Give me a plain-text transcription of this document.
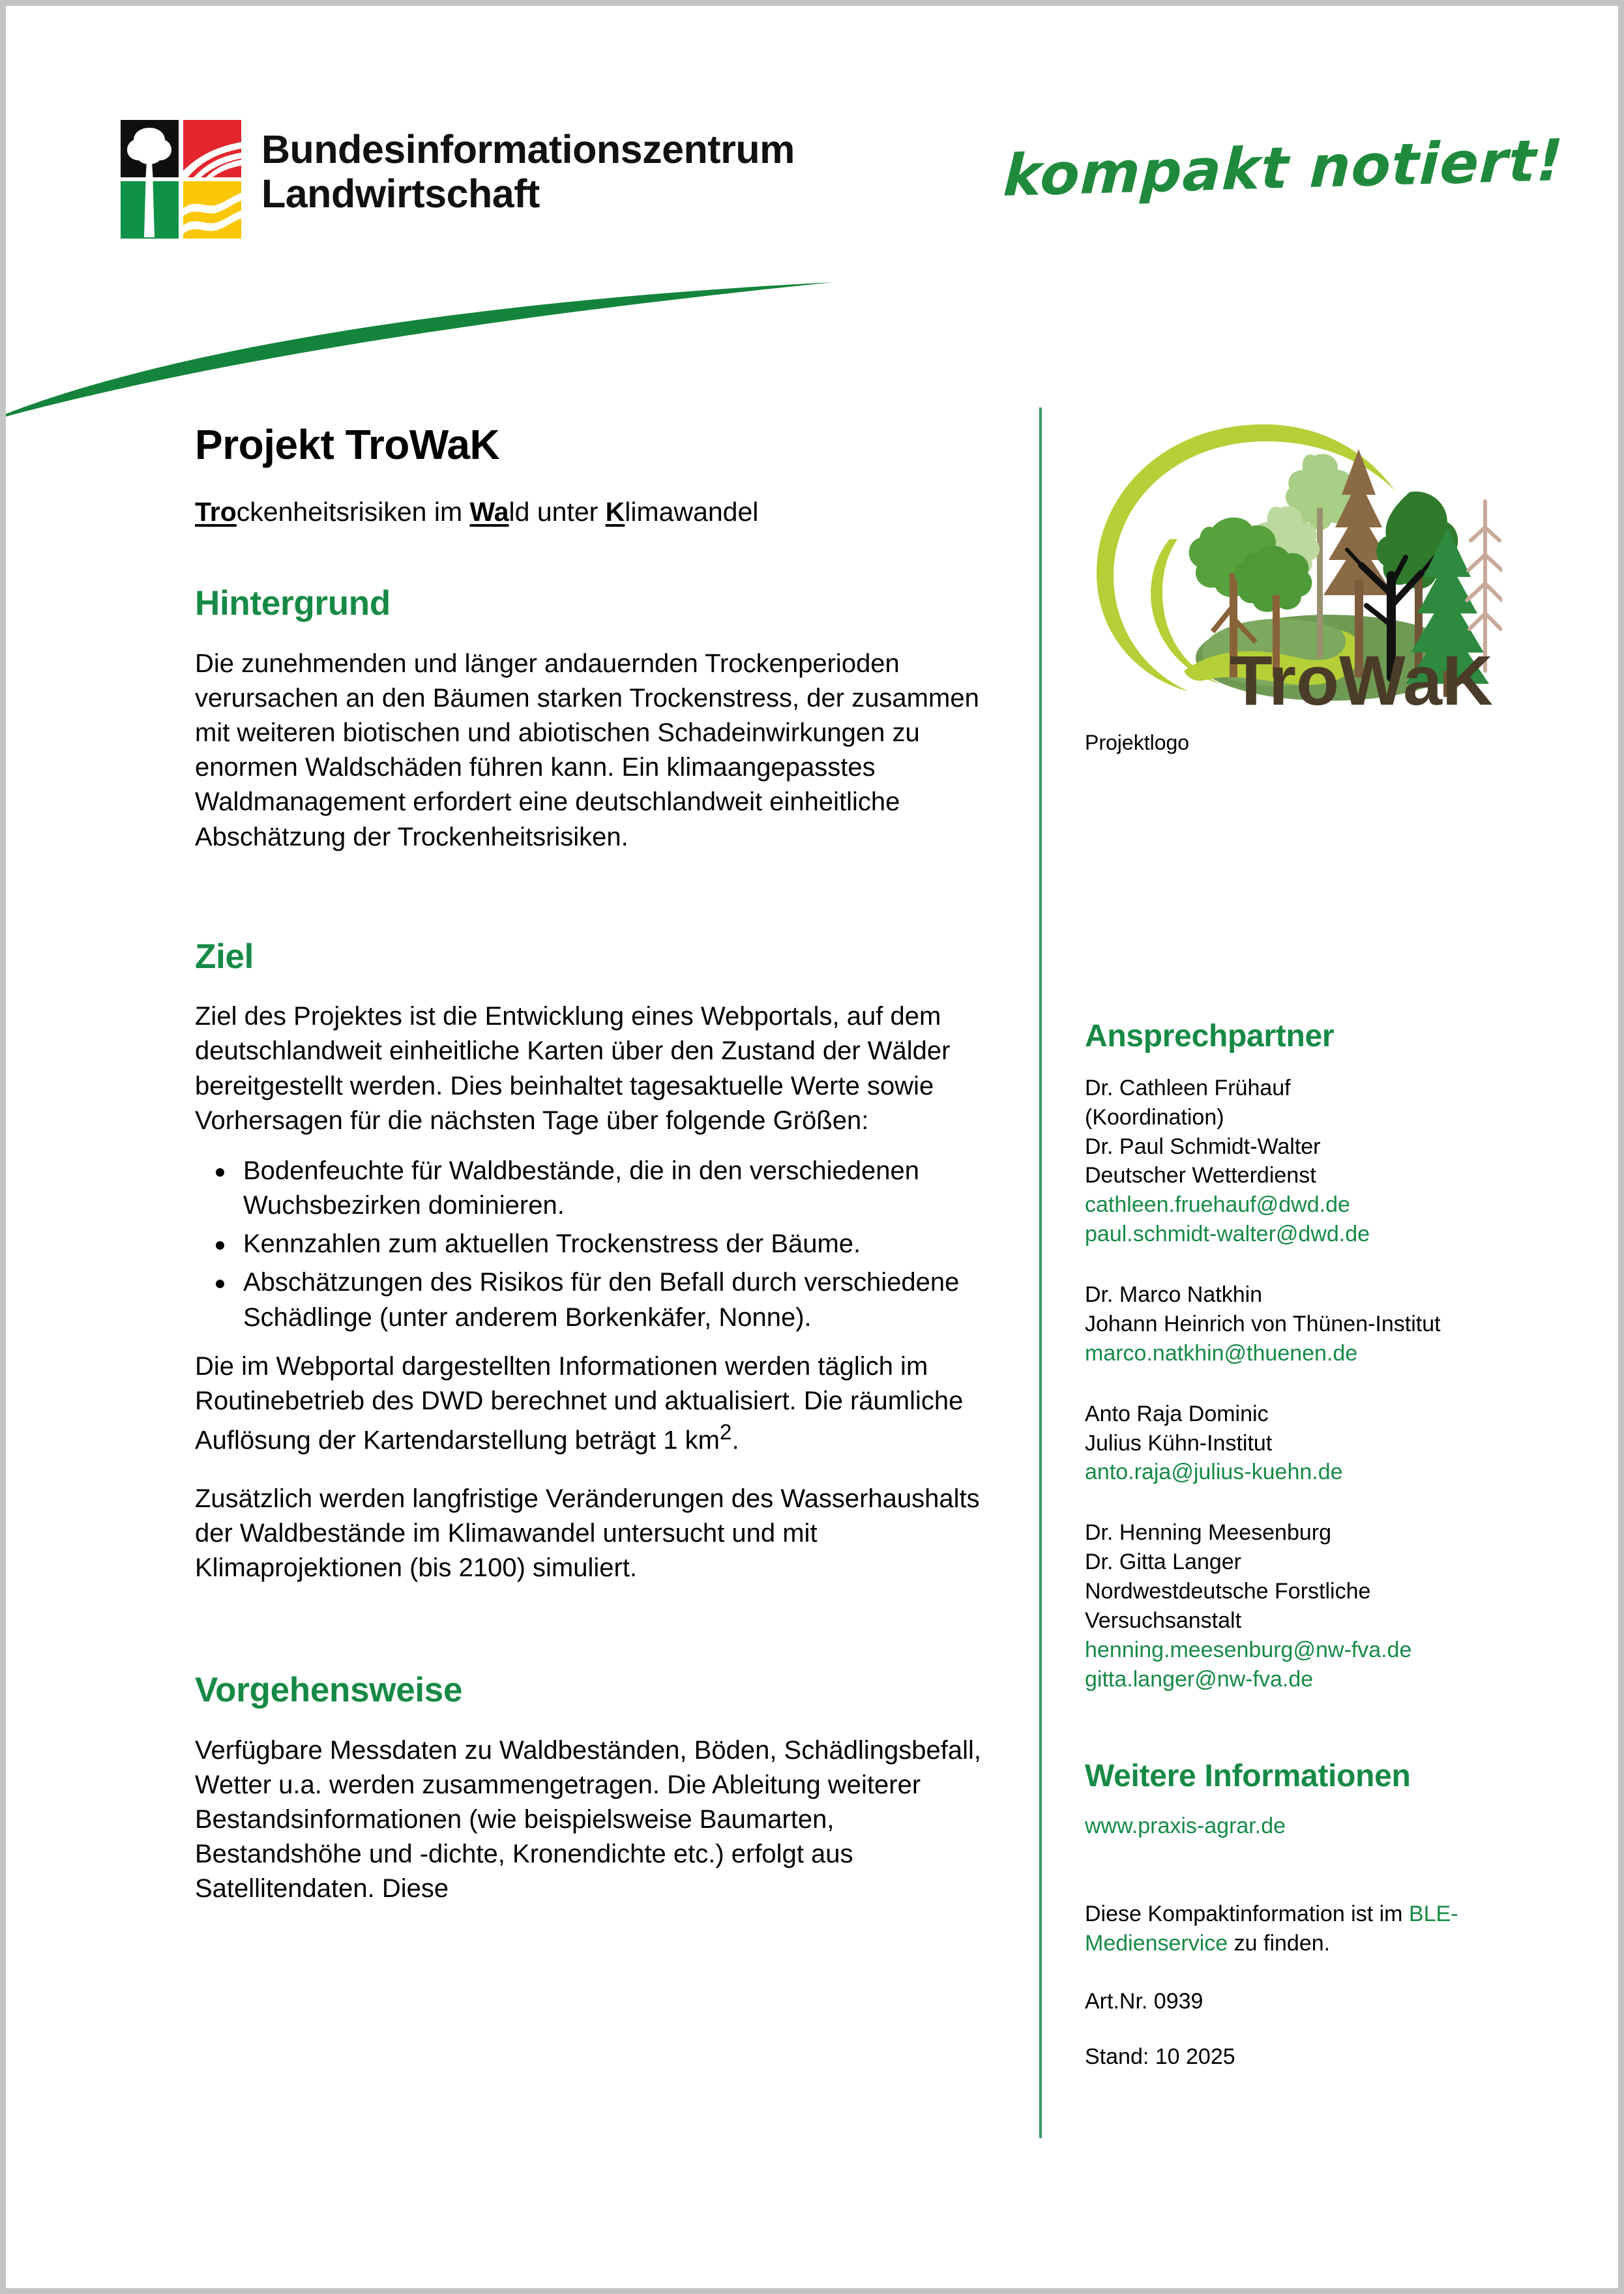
Bundesinformationszentrum
Landwirtschaft	kompakt notiert!
Projekt TroWaK

Trockenheitsrisiken im Wald unter Klimawandel

Hintergrund

Die zunehmenden und länger andauernden Trockenperioden verursachen an den Bäumen starken Trockenstress, der zusammen mit weiteren biotischen und abiotischen Schadeinwirkungen zu enormen Waldschäden führen kann. Ein klimaangepasstes Waldmanagement erfordert eine deutschlandweit einheitliche Abschätzung der Trockenheitsrisiken.

Ziel

Ziel des Projektes ist die Entwicklung eines Webportals, auf dem deutschlandweit einheitliche Karten über den Zustand der Wälder bereitgestellt werden. Dies beinhaltet tagesaktuelle Werte sowie Vorhersagen für die nächsten Tage über folgende Größen:

Bodenfeuchte für Waldbestände, die in den verschiedenen Wuchsbezirken dominieren.
Kennzahlen zum aktuellen Trockenstress der Bäume.
Abschätzungen des Risikos für den Befall durch verschiedene Schädlinge (unter anderem Borkenkäfer, Nonne).

Die im Webportal dargestellten Informationen werden täglich im Routinebetrieb des DWD berechnet und aktualisiert. Die räumliche Auflösung der Kartendarstellung beträgt 1 $km^2$.

Zusätzlich werden langfristige Veränderungen des Wasserhaushalts der Waldbestände im Klimawandel untersucht und mit Klimaprojektionen (bis 2100) simuliert.

Vorgehensweise

Verfügbare Messdaten zu Waldbeständen, Böden, Schädlingsbefall, Wetter u.a. werden zusammengetragen. Die Ableitung weiterer Bestandsinformationen (wie beispielsweise Baumarten, Bestandshöhe und -dichte, Kronendichte etc.) erfolgt aus Satellitendaten. Diese

TroWaK
Projektlogo
Ansprechpartner
Dr. Cathleen Frühauf
(Koordination)
Dr. Paul Schmidt-Walter
Deutscher Wetterdienst
cathleen.fruehauf@dwd.de
paul.schmidt-walter@dwd.de
Dr. Marco Natkhin
Johann Heinrich von Thünen-Institut
marco.natkhin@thuenen.de
Anto Raja Dominic
Julius Kühn-Institut
anto.raja@julius-kuehn.de
Dr. Henning Meesenburg
Dr. Gitta Langer
Nordwestdeutsche Forstliche
Versuchsanstalt
henning.meesenburg@nw-fva.de
gitta.langer@nw-fva.de
Weitere Informationen
www.praxis-agrar.de
Diese Kompaktinformation ist im BLE-Medienservice zu finden.
Art.Nr. 0939
Stand: 10 2025
